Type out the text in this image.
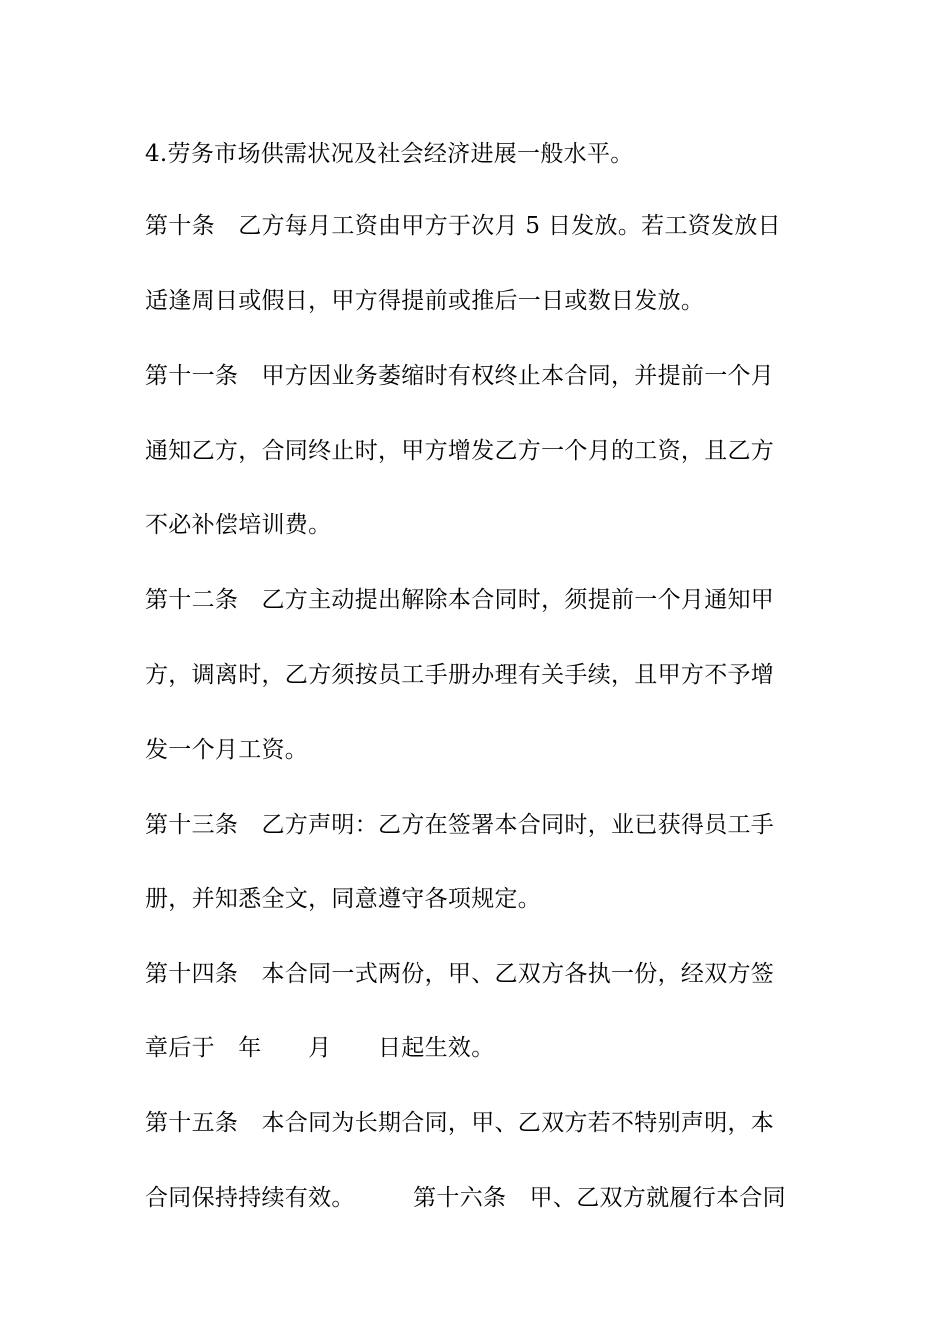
4.劳务市场供需状况及社会经济进展一般水平。
第十条　乙方每月工资由甲方于次月 5 日发放。若工资发放日
适逢周日或假日，甲方得提前或推后一日或数日发放。
第十一条　甲方因业务萎缩时有权终止本合同，并提前一个月
通知乙方，合同终止时，甲方增发乙方一个月的工资，且乙方
不必补偿培训费。
第十二条　乙方主动提出解除本合同时，须提前一个月通知甲
方，调离时，乙方须按员工手册办理有关手续，且甲方不予增
发一个月工资。
第十三条　乙方声明：乙方在签署本合同时，业已获得员工手
册，并知悉全文，同意遵守各项规定。
第十四条　本合同一式两份，甲、乙双方各执一份，经双方签
章后于　年　　月　　日起生效。
第十五条　本合同为长期合同，甲、乙双方若不特别声明，本
合同保持持续有效。　　　第十六条　甲、乙双方就履行本合同
